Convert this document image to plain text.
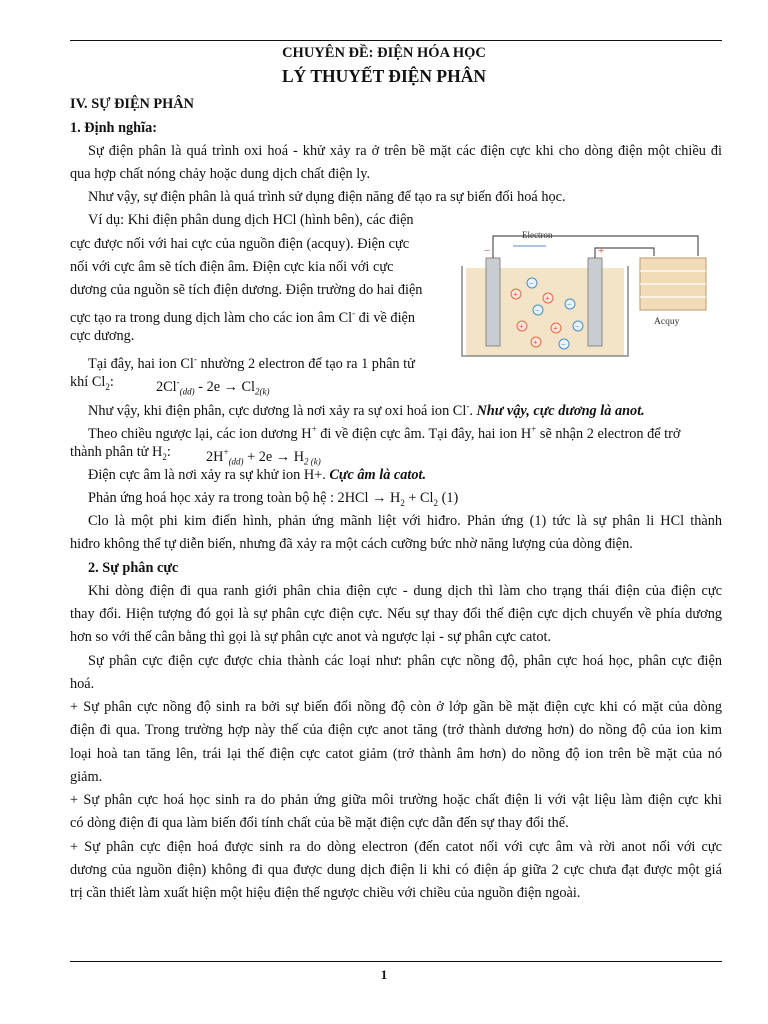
CHUYÊN ĐỀ: ĐIỆN HÓA HỌC
LÝ THUYẾT ĐIỆN PHÂN
IV. SỰ ĐIỆN PHÂN
1. Định nghĩa:
Sự điện phân là quá trình oxi hoá - khử xảy ra ở trên bề mặt các điện cực khi cho dòng điện một chiều đi
qua hợp chất nóng chảy hoặc dung dịch chất điện ly.
Như vậy, sự điện phân là quá trình sử dụng điện năng để tạo ra sự biến đổi hoá học.
Ví dụ: Khi điện phân dung dịch HCl (hình bên), các điện
cực được nối với hai cực của nguồn điện (acquy). Điện cực
nối với cực âm sẽ tích điện âm. Điện cực kia nối với cực
dương của nguồn sẽ tích điện dương. Điện trường do hai điện
cực tạo ra trong dung dịch làm cho các ion âm Cl- đi về điện
cực dương.
Tại đây, hai ion Cl- nhường 2 electron để tạo ra 1 phân tử
khí $Cl_2$:	$2Cl^-_{(dd)} - 2e \to Cl_{2(k)}$
Như vậy, khi điện phân, cực dương là nơi xảy ra sự oxi hoá ion Cl-. Như vậy, cực dương là anot.
Theo chiều ngược lại, các ion dương H+ đi về điện cực âm. Tại đây, hai ion H+ sẽ nhận 2 electron để trở
thành phân tử $H_2$: $2H^+_{(dd)} + 2e \to H_{2 (k)}$
Điện cực âm là nơi xảy ra sự khử ion H+. Cực âm là catot.
Phản ứng hoá học xảy ra trong toàn bộ hệ : $2HCl \to H_2 + Cl_2$ (1)
Clo là một phi kim điển hình, phản ứng mãnh liệt với hiđro. Phản ứng (1) tức là sự phân li HCl thành
hiđro không thể tự diễn biến, nhưng đã xảy ra một cách cưỡng bức nhờ năng lượng của dòng điện.
2. Sự phân cực
Khi dòng điện đi qua ranh giới phân chia điện cực - dung dịch thì làm cho trạng thái điện của điện cực
thay đổi. Hiện tượng đó gọi là sự phân cực điện cực. Nếu sự thay đổi thế điện cực dịch chuyển về phía dương
hơn so với thế cân bằng thì gọi là sự phân cực anot và ngược lại - sự phân cực catot.
Sự phân cực điện cực được chia thành các loại như: phân cực nồng độ, phân cực hoá học, phân cực điện
hoá.
+ Sự phân cực nồng độ sinh ra bởi sự biến đổi nồng độ còn ở lớp gần bề mặt điện cực khi có mặt của dòng
điện đi qua. Trong trường hợp này thế của điện cực anot tăng (trở thành dương hơn) do nồng độ của ion kim
loại hoà tan tăng lên, trái lại thế điện cực catot giảm (trở thành âm hơn) do nồng độ ion trên bề mặt của nó
giảm.
+ Sự phân cực hoá học sinh ra do phản ứng giữa môi trường hoặc chất điện li với vật liệu làm điện cực khi
có dòng điện đi qua làm biến đổi tính chất của bề mặt điện cực dẫn đến sự thay đổi thế.
+ Sự phân cực điện hoá được sinh ra do dòng electron (đến catot nối với cực âm và rời anot nối với cực
dương của nguồn điện) không đi qua được dung dịch điện li khi có điện áp giữa 2 cực chưa đạt được một giá
trị cần thiết làm xuất hiện một hiệu điện thế ngược chiều với chiều của nguồn điện ngoài.
Electron
−	+
Acquy
−
+	+
−
−
+	+ −
+	−
1
